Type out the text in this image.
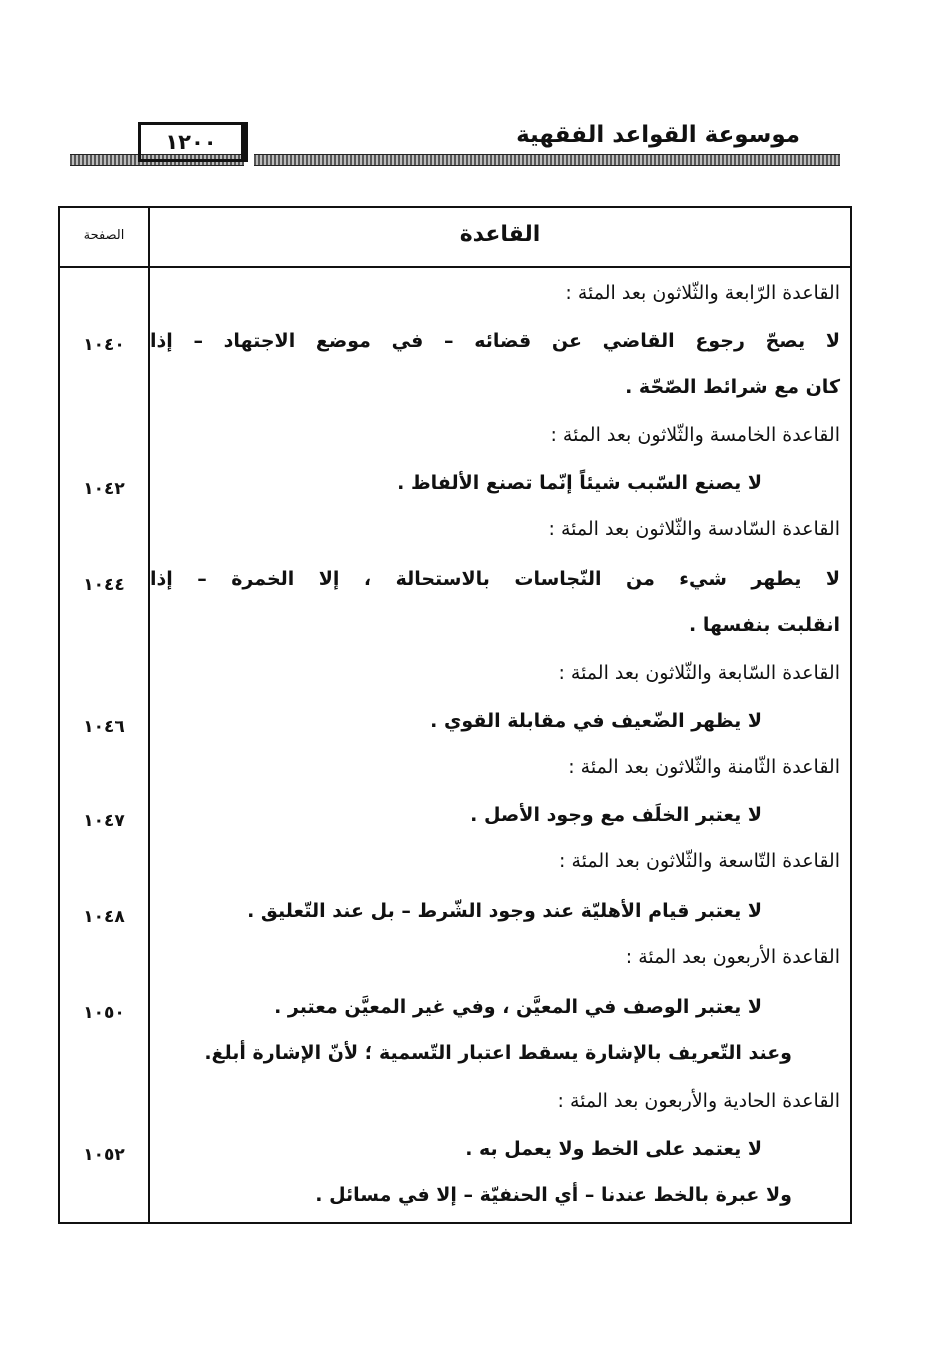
موسوعة القواعد الفقهية
١٢٠٠
الصفحة	القاعدة
القاعدة الرّابعة والثّلاثون بعد المئة :
لا يصحّ رجوع القاضي عن قضائه – في موضع الاجتهاد – إذا
١٠٤٠
كان مع شرائط الصّحّة .
القاعدة الخامسة والثّلاثون بعد المئة :
لا يصنع السّبب شيئاً إنّما تصنع الألفاظ .
١٠٤٢
القاعدة السّادسة والثّلاثون بعد المئة :
لا يطهر شيء من النّجاسات بالاستحالة ، إلا الخمرة – إذا
١٠٤٤
انقلبت بنفسها .
القاعدة السّابعة والثّلاثون بعد المئة :
لا يظهر الضّعيف في مقابلة القوي .
١٠٤٦
القاعدة الثّامنة والثّلاثون بعد المئة :
لا يعتبر الخلَف مع وجود الأصل .
١٠٤٧
القاعدة التّاسعة والثّلاثون بعد المئة :
لا يعتبر قيام الأهليّة عند وجود الشّرط – بل عند التّعليق .
١٠٤٨
القاعدة الأربعون بعد المئة :
لا يعتبر الوصف في المعيَّن ، وفي غير المعيَّن معتبر .
١٠٥٠
وعند التّعريف بالإشارة يسقط اعتبار التّسمية ؛ لأنّ الإشارة أبلغ.
القاعدة الحادية والأربعون بعد المئة :
لا يعتمد على الخط ولا يعمل به .
١٠٥٢
ولا عبرة بالخط عندنا – أي الحنفيّة – إلا في مسائل .
